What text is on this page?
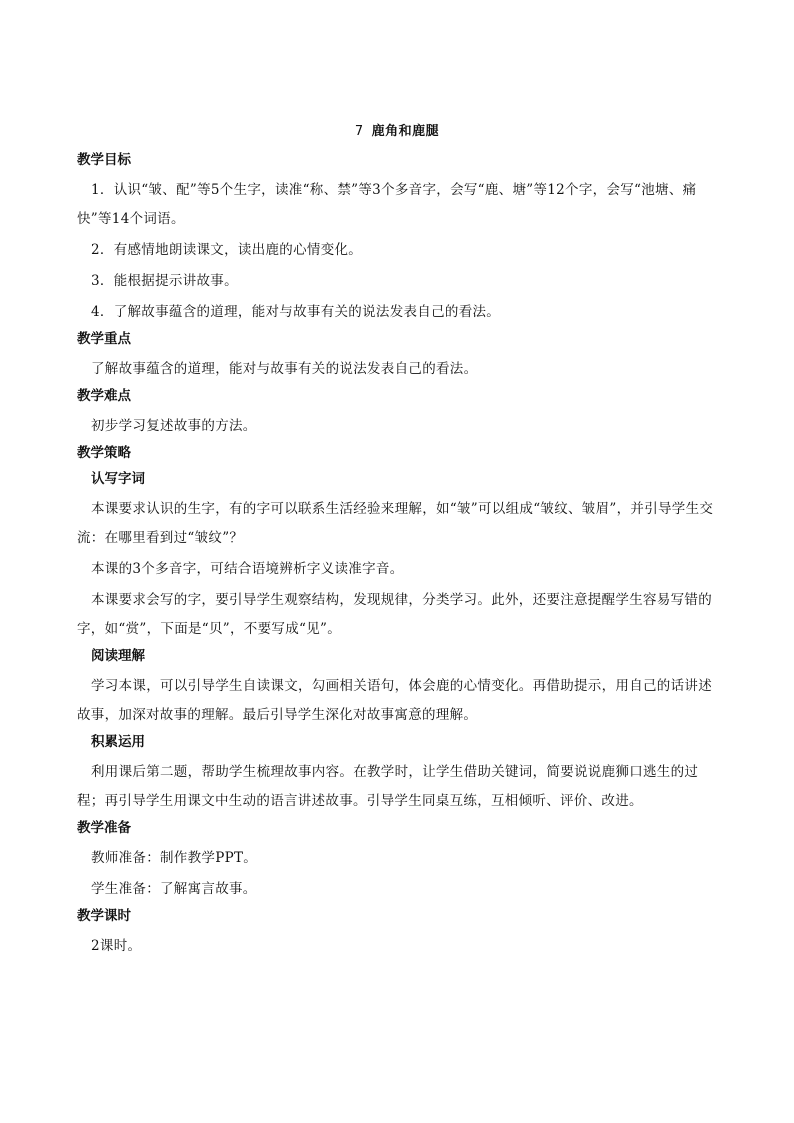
7 鹿角和鹿腿
教学目标

1．认识“皱、配”等5个生字，读准“称、禁”等3个多音字，会写“鹿、塘”等12个字，会写“池塘、痛快”等14个词语。

2．有感情地朗读课文，读出鹿的心情变化。

3．能根据提示讲故事。

4．了解故事蕴含的道理，能对与故事有关的说法发表自己的看法。

教学重点

了解故事蕴含的道理，能对与故事有关的说法发表自己的看法。

教学难点

初步学习复述故事的方法。

教学策略
认写字词

本课要求认识的生字，有的字可以联系生活经验来理解，如“皱”可以组成“皱纹、皱眉”，并引导学生交流：在哪里看到过“皱纹”？

本课的3个多音字，可结合语境辨析字义读准字音。

本课要求会写的字，要引导学生观察结构，发现规律，分类学习。此外，还要注意提醒学生容易写错的字，如“赏”，下面是“贝”，不要写成“见”。

阅读理解

学习本课，可以引导学生自读课文，勾画相关语句，体会鹿的心情变化。再借助提示，用自己的话讲述故事，加深对故事的理解。最后引导学生深化对故事寓意的理解。

积累运用

利用课后第二题，帮助学生梳理故事内容。在教学时，让学生借助关键词，简要说说鹿狮口逃生的过程；再引导学生用课文中生动的语言讲述故事。引导学生同桌互练，互相倾听、评价、改进。

教学准备

教师准备：制作教学PPT。

学生准备：了解寓言故事。

教学课时

2课时。
